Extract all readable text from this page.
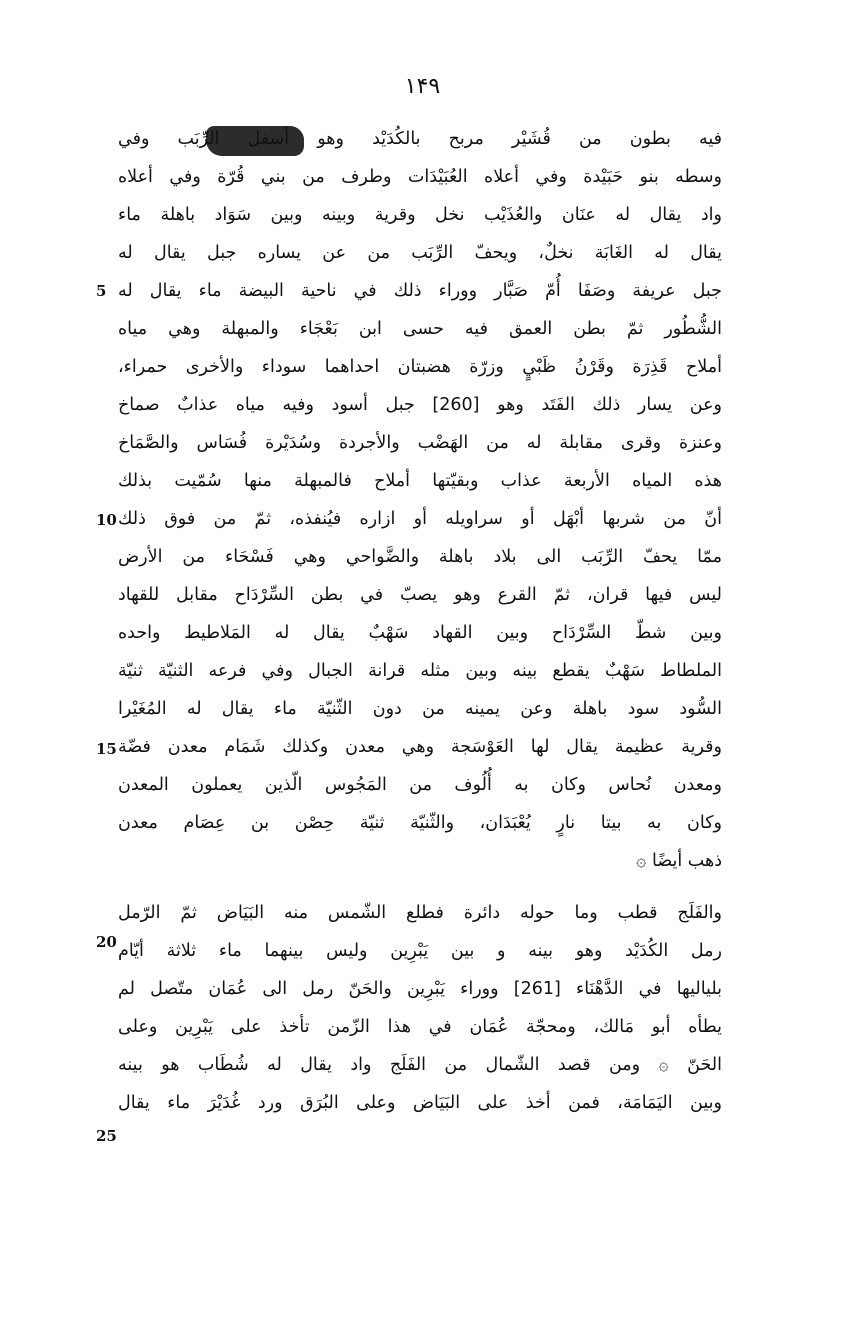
۱۴۹
فيه بطون من قُشَيْر مربح بالكُدَيْد وهو أسفل الرِّبَب وفي
وسطه بنو حَبَيْدة وفي أعلاه العُبَيْدَات وطرف من بني قُرّة وفي أعلاه
واد يقال له عنَان والعُذَيْب نخل وقرية وبينه وبين سَوَاد باهلة ماء
يقال له الغَابَة نخلٌ، ويحفّ الرِّبَب من عن يساره جبل يقال له
جبل عريفة وصَفَا أُمّ صَبَّار ووراء ذلك في ناحية البيضة ماء يقال له
الشُّطُور ثمّ بطن العمق فيه حسى ابن بَعْجَاء والمبهلة وهي مياه
أملاح قَذِرَة وقَرْنُ ظَبْيٍ وزرّة هضبتان احداهما سوداء والأخرى حمراء،
وعن يسار ذلك الفَتَد وهو [260] جبل أسود وفيه مياه عذابٌ صماخ
وعنزة وقرى مقابلة له من الهَضْب والأجردة وسُدَيْرة فُسَاس والصَّمَاخ
هذه المياه الأربعة عذاب وبقيّتها أملاح فالمبهلة منها سُمّيت بذلك
أنّ من شربها أبْهَل أو سراويله أو ازاره فيُنفذه، ثمّ من فوق ذلك
ممّا يحفّ الرِّبَب الى بلاد باهلة والضَّواحي وهي فَسْحَاء من الأرض
ليس فيها قران، ثمّ القرع وهو يصبّ في بطن السِّرْدَاح مقابل للقهاد
وبين شطّ السِّرْدَاح وبين القهاد سَهْبٌ يقال له المَلاطيط واحده
الملطاط سَهْبٌ يقطع بينه وبين مثله قرانة الجبال وفي فرعه الثنيّة ثنيّة
السُّود سود باهلة وعن يمينه من دون الثّنيّة ماء يقال له المُغَيْرا
وقرية عظيمة يقال لها العَوْسَجة وهي معدن وكذلك شَمَام معدن فضّة
ومعدن نُحاس وكان به أُلُوف من المَجُوس الّذين يعملون المعدن
وكان به بيتا نارٍ يُعْبَدَان، والثّنيّة ثنيّة حِصْن بن عِصَام معدن
ذهب أيضًا ۞
والفَلَج قطب وما حوله دائرة فطلع الشّمس منه البَيَاض ثمّ الرّمل
رمل الكُدَيْد وهو بينه و بين يَبْرِين وليس بينهما ماء ثلاثة أيّام
بلياليها في الدَّهْنَاء [261] ووراء يَبْرِين والحَنّ رمل الى عُمَان متّصل لم
يطأه أبو مَالك، ومحجّة عُمَان في هذا الزّمن تأخذ على يَبْرِين وعلى
الحَنّ ۞ ومن قصد الشّمال من الفَلَج واد يقال له شُطَاب هو بينه
وبين اليَمَامَة، فمن أخذ على البَيَاض وعلى البُرَق ورد غُدَيْرَ ماء يقال
5
10
15
20
25
